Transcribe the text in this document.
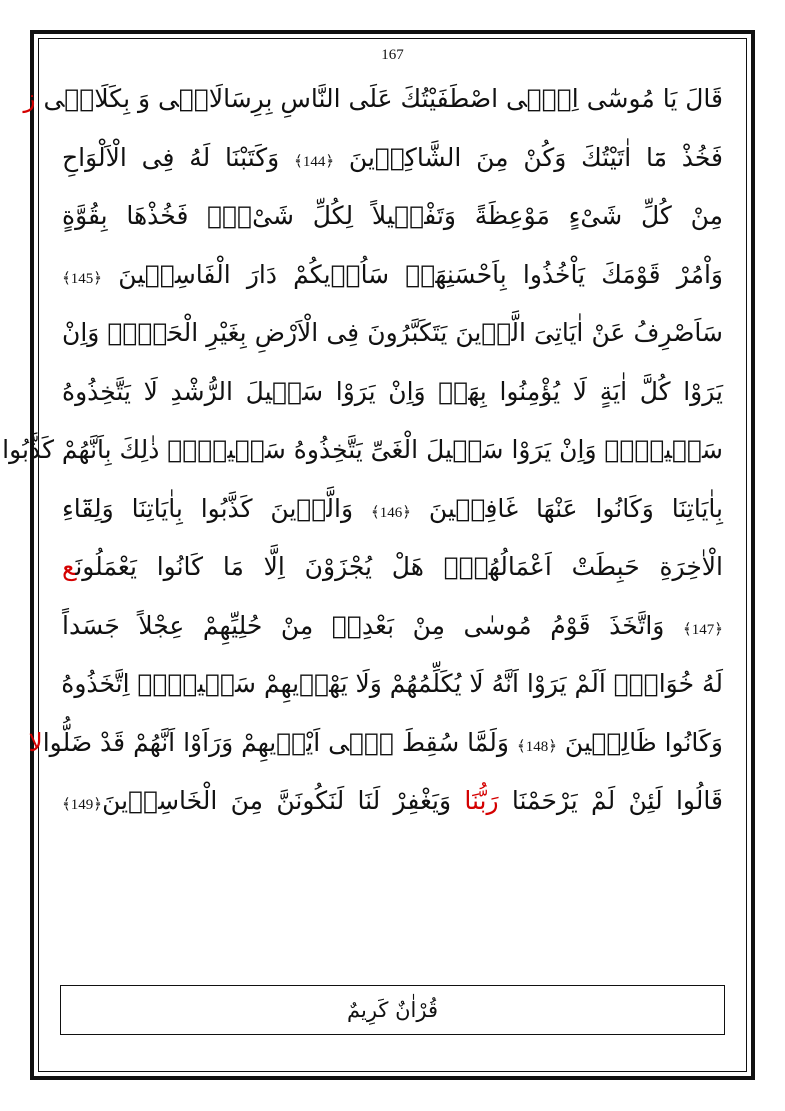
167
قَالَ يَا مُوسٰٓى اِنّ۪ى اصْطَفَيْتُكَ عَلَى النَّاسِ بِرِسَالَاتٖى وَ بِكَلَامٖى ز
فَخُذْ مَٓا اٰتَيْتُكَ وَكُنْ مِنَ الشَّاكِرٖينَ ﴿144﴾ وَكَتَبْنَا لَهُ فِى الْاَلْوَاحِ
مِنْ كُلِّ شَىْءٍ مَوْعِظَةً وَتَفْص۪يلاً لِكُلِّ شَىْءٍۚ فَخُذْهَا بِقُوَّةٍ
وَاْمُرْ قَوْمَكَ يَاْخُذُوا بِاَحْسَنِهَاۜ سَاُر۪يكُمْ دَارَ الْفَاسِق۪ينَ ﴿145﴾
سَاَصْرِفُ عَنْ اٰيَاتِىَ الَّذ۪ينَ يَتَكَبَّرُونَ فِى الْاَرْضِ بِغَيْرِ الْحَقِّۜ وَاِنْ
يَرَوْا كُلَّ اٰيَةٍ لَا يُؤْمِنُوا بِهَاۚ وَاِنْ يَرَوْا سَب۪يلَ الرُّشْدِ لَا يَتَّخِذُوهُ
سَب۪يلاًۚ وَاِنْ يَرَوْا سَب۪يلَ الْغَىِّ يَتَّخِذُوهُ سَب۪يلاًۜ ذٰلِكَ بِاَنَّهُمْ كَذَّبُوا
بِاٰيَاتِنَا وَكَانُوا عَنْهَا غَافِل۪ينَ ﴿146﴾ وَالَّذ۪ينَ كَذَّبُوا بِاٰيَاتِنَا وَلِقَٓاءِ
الْاٰخِرَةِ حَبِطَتْ اَعْمَالُهُمْۜ هَلْ يُجْزَوْنَ اِلَّا مَا كَانُوا يَعْمَلُونَع
﴿147﴾ وَاتَّخَذَ قَوْمُ مُوسٰى مِنْ بَعْدِه۪ مِنْ حُلِيِّهِمْ عِجْلاً جَسَداً
لَهُ خُوَارٌۜ اَلَمْ يَرَوْا اَنَّهُ لَا يُكَلِّمُهُمْ وَلَا يَهْد۪يهِمْ سَب۪يلاًۢ اِتَّخَذُوهُ
وَكَانُوا ظَالِم۪ينَ ﴿148﴾ وَلَمَّا سُقِطَ ف۪ٓى اَيْد۪يهِمْ وَرَاَوْا اَنَّهُمْ قَدْ ضَلُّوالا
قَالُوا لَئِنْ لَمْ يَرْحَمْنَا رَبُّنَا وَيَغْفِرْ لَنَا لَنَكُونَنَّ مِنَ الْخَاسِر۪ينَ﴿149﴾
قُرْاٰنٌ كَرِيمٌ
